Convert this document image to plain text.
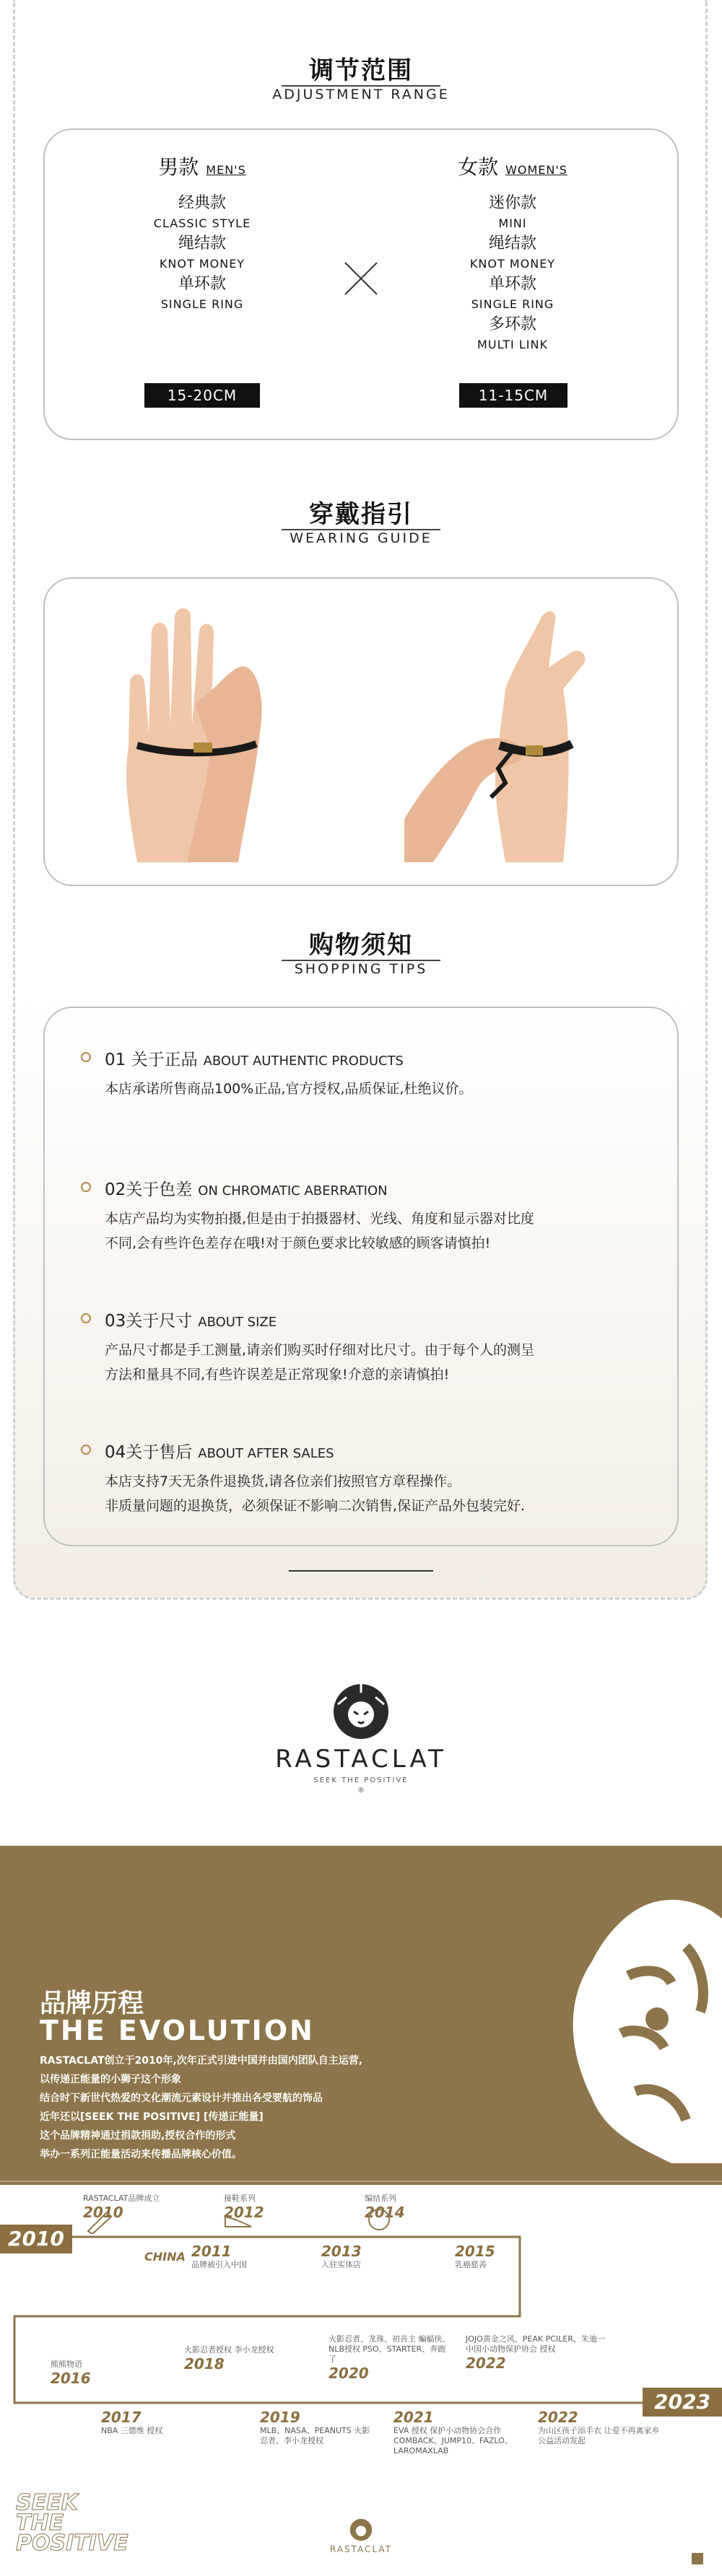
调节范围
ADJUSTMENT RANGE
男款 MEN'S
经典款
CLASSIC STYLE
绳结款
KNOT MONEY
单环款
SINGLE RING
15-20CM
女款 WOMEN'S
迷你款
MINI
绳结款
KNOT MONEY
单环款
SINGLE RING
多环款
MULTI LINK
11-15CM
穿戴指引
WEARING GUIDE
购物须知
SHOPPING TIPS
01 关于正品 ABOUT AUTHENTIC PRODUCTS
本店承诺所售商品100%正品,官方授权,品质保证,杜绝议价。
02关于色差 ON CHROMATIC ABERRATION
本店产品均为实物拍摄,但是由于拍摄器材、光线、角度和显示器对比度
不同,会有些许色差存在哦!对于颜色要求比较敏感的顾客请慎拍!
03关于尺寸 ABOUT SIZE
产品尺寸都是手工测量,请亲们购买时仔细对比尺寸。由于每个人的测呈
方法和量具不同,有些许误差是正常现象!介意的亲请慎拍!
04关于售后 ABOUT AFTER SALES
本店支持7天无条件退换货,请各位亲们按照官方章程操作。
非质量问题的退换货，必须保证不影响二次销售,保证产品外包装完好.
RASTACLAT
SEEK THE POSITIVE
®
品牌历程
THE EVOLUTION
RASTACLAT创立于2010年,次年正式引进中国并由国内团队自主运营,
以传递正能量的小狮子这个形象
结合时下新世代热爱的文化潮流元素设计并推出各受要航的饰品
近年还以[SEEK THE POSITIVE] [传递正能量]
这个品牌精神通过捐款捐助,授权合作的形式
举办一系列正能量活动来传播品牌核心价值。
2010
2023
CHINA
RASTACLAT品牌成立
2010
接鞋系列
2012
编结系列
2014
2011
品牌被引入中国
2013
入驻实体店
2015
乳癌慈善
熊熊物语
2016
火影忍者授权 李小龙授权
2018
火影忍者、龙珠、初音主 蝙蝠侠、NLB授权 PSO、STARTER、奔跑了
2020
JOJO黄金之风、PEAK PCILER、朱迪一 中国小动物保护协会 授权
2022
2017
NBA 三德维 授权
2019
MLB、NASA、PEANUTS 火影忍者、李小龙授权
2021
EVA 授权 保护小动物协会合作 COMBACK、JUMP10、FAZLO、LAROMAXLAB
2022
为山区孩子添手衣 让爱不再离家乡 公益活动发起
SEEK
THE
POSITIVE	RASTACLAT
